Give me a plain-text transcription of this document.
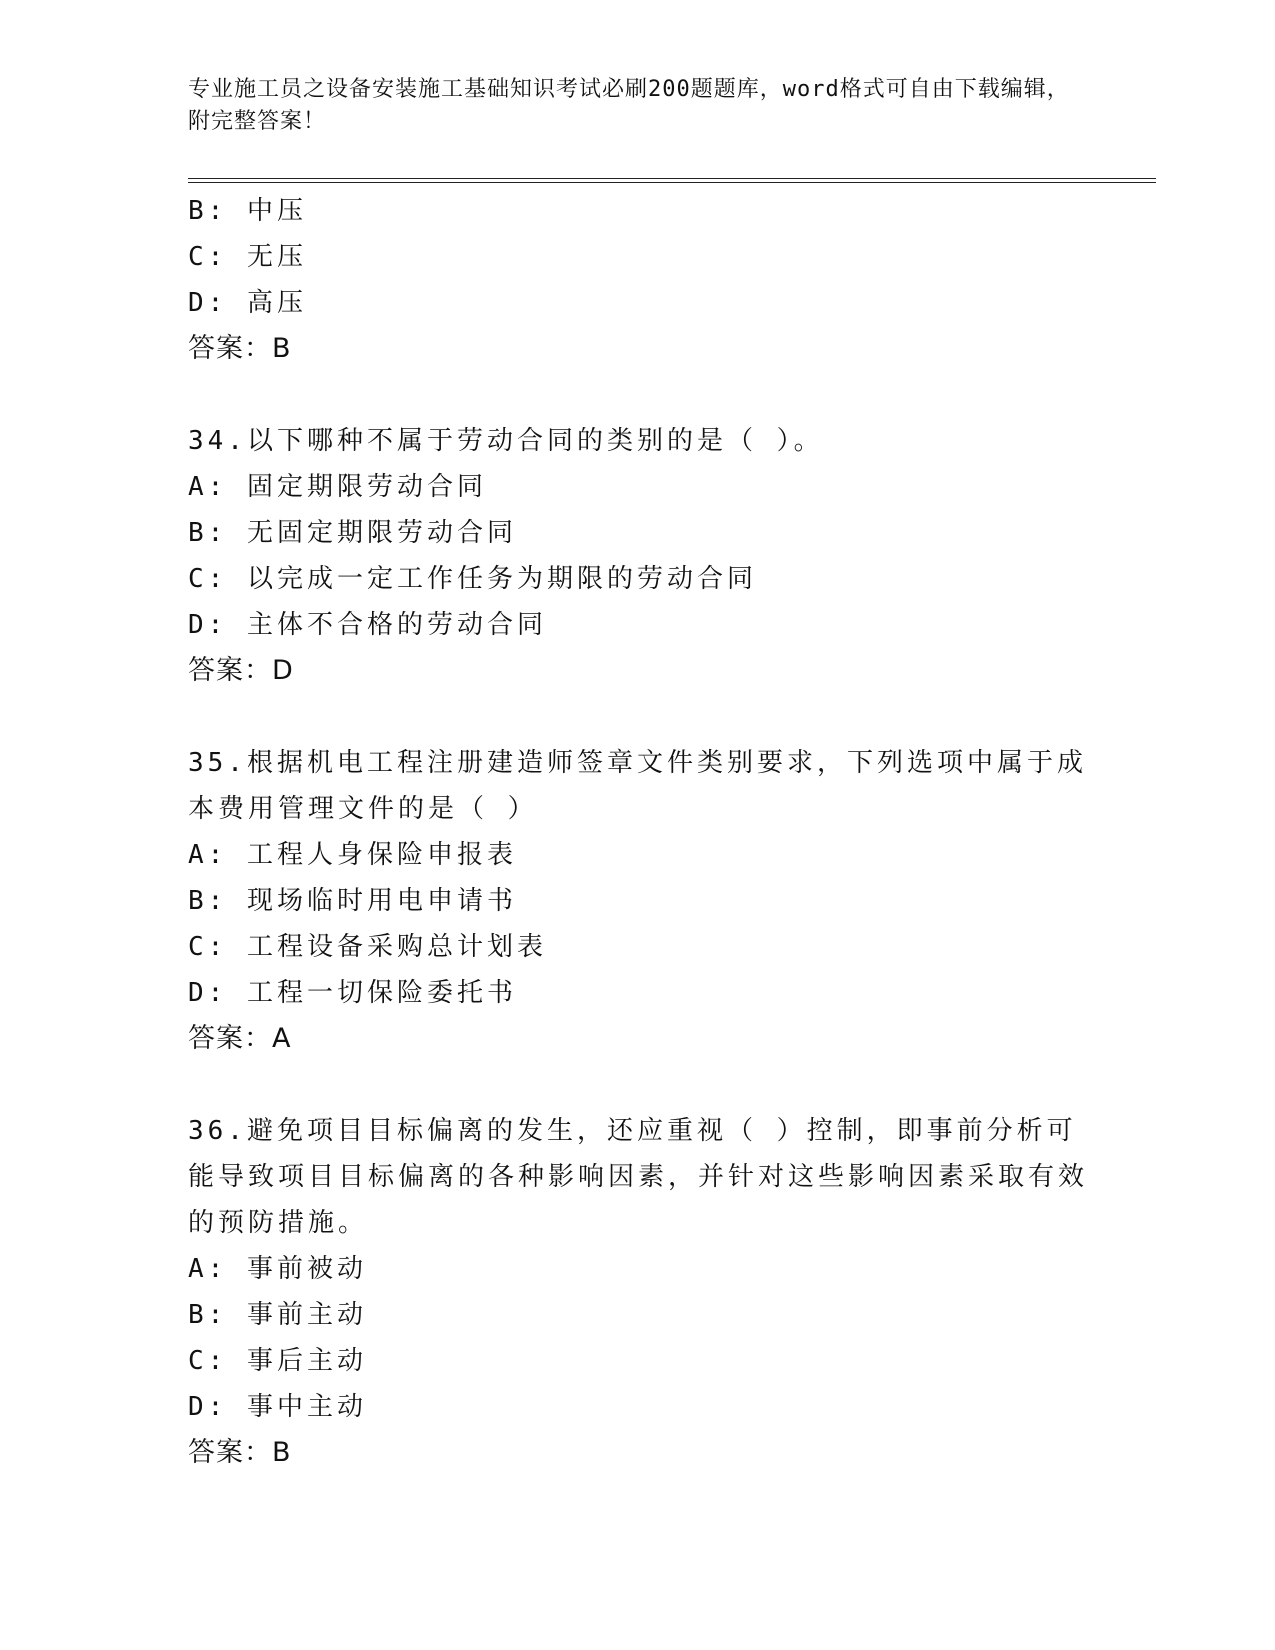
专业施工员之设备安装施工基础知识考试必刷200题题库，word格式可自由下载编辑，附完整答案！
B: 中压
C: 无压
D: 高压
答案：B
34.以下哪种不属于劳动合同的类别的是（ ）。
A: 固定期限劳动合同
B: 无固定期限劳动合同
C: 以完成一定工作任务为期限的劳动合同
D: 主体不合格的劳动合同
答案：D
35.根据机电工程注册建造师签章文件类别要求，下列选项中属于成本费用管理文件的是（ ）
A: 工程人身保险申报表
B: 现场临时用电申请书
C: 工程设备采购总计划表
D: 工程一切保险委托书
答案：A
36.避免项目目标偏离的发生，还应重视（ ）控制，即事前分析可能导致项目目标偏离的各种影响因素，并针对这些影响因素采取有效的预防措施。
A: 事前被动
B: 事前主动
C: 事后主动
D: 事中主动
答案：B
